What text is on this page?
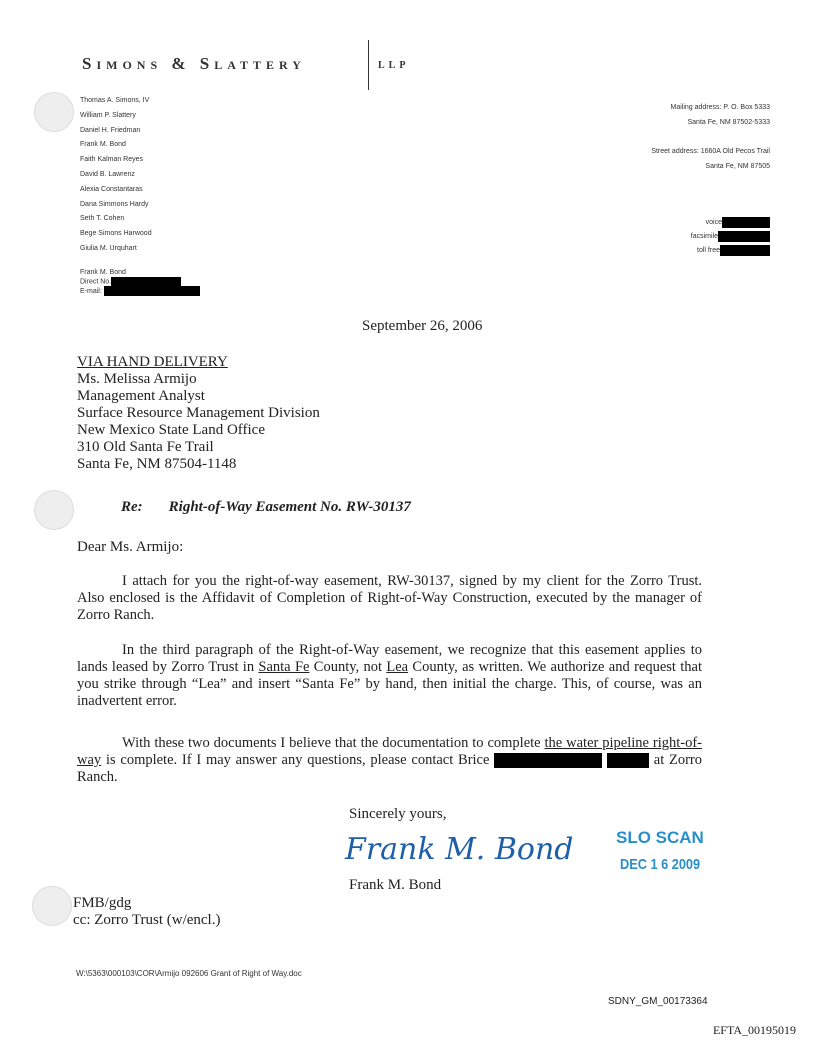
Simons & Slattery	LLP
Thomas A. Simons, IV
William P. Slattery
Daniel H. Friedman
Frank M. Bond
Faith Kalman Reyes
David B. Lawrenz
Alexia Constantaras
Dana Simmons Hardy
Seth T. Cohen
Bege Simons Harwood
Giulia M. Urquhart
Frank M. Bond
Direct No.
E-mail:
Mailing address: P. O. Box 5333
Santa Fe, NM 87502-5333
Street address: 1660A Old Pecos Trail
Santa Fe, NM 87505
voice
facsimile
toll free
September 26, 2006
VIA HAND DELIVERY
Ms. Melissa Armijo
Management Analyst
Surface Resource Management Division
New Mexico State Land Office
310 Old Santa Fe Trail
Santa Fe, NM 87504-1148
Re: Right-of-Way Easement No. RW-30137
Dear Ms. Armijo:
I attach for you the right-of-way easement, RW-30137, signed by my client for the Zorro Trust. Also enclosed is the Affidavit of Completion of Right-of-Way Construction, executed by the manager of Zorro Ranch.
In the third paragraph of the Right-of-Way easement, we recognize that this easement applies to lands leased by Zorro Trust in Santa Fe County, not Lea County, as written. We authorize and request that you strike through “Lea” and insert “Santa Fe” by hand, then initial the charge. This, of course, was an inadvertent error.
With these two documents I believe that the documentation to complete the water pipeline right-of-way is complete. If I may answer any questions, please contact Brice	at Zorro Ranch.
Sincerely yours,
Frank M. Bond
Frank M. Bond
SLO SCAN
DEC 1 6 2009
FMB/gdg
cc: Zorro Trust (w/encl.)
W:\5363\000103\COR\Armijo 092606 Grant of Right of Way.doc
SDNY_GM_00173364
EFTA_00195019
